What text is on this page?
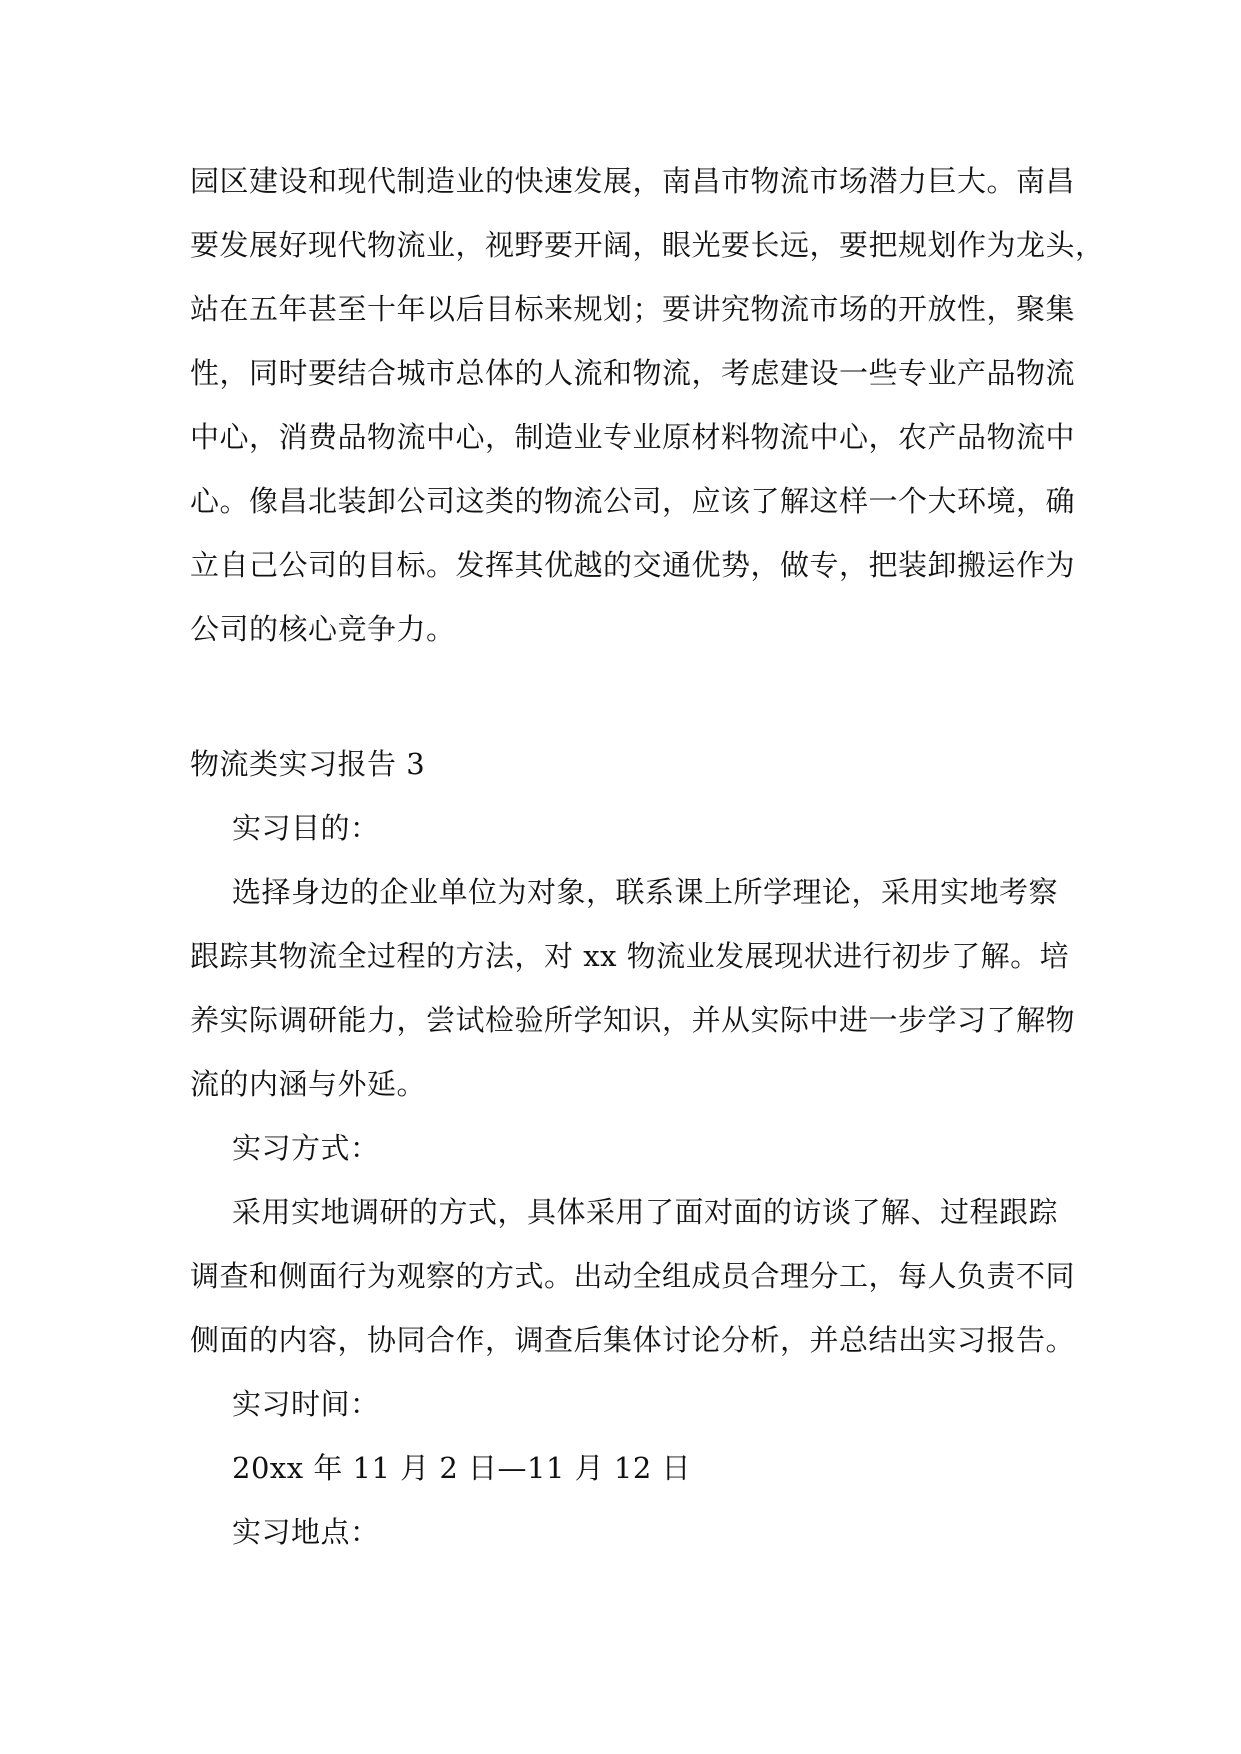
园区建设和现代制造业的快速发展，南昌市物流市场潜力巨大。南昌
要发展好现代物流业，视野要开阔，眼光要长远，要把规划作为龙头，
站在五年甚至十年以后目标来规划；要讲究物流市场的开放性，聚集
性，同时要结合城市总体的人流和物流，考虑建设一些专业产品物流
中心，消费品物流中心，制造业专业原材料物流中心，农产品物流中
心。像昌北装卸公司这类的物流公司，应该了解这样一个大环境，确
立自己公司的目标。发挥其优越的交通优势，做专，把装卸搬运作为
公司的核心竞争力。
物流类实习报告 3
实习目的：
选择身边的企业单位为对象，联系课上所学理论，采用实地考察
跟踪其物流全过程的方法，对 xx 物流业发展现状进行初步了解。培
养实际调研能力，尝试检验所学知识，并从实际中进一步学习了解物
流的内涵与外延。
实习方式：
采用实地调研的方式，具体采用了面对面的访谈了解、过程跟踪
调查和侧面行为观察的方式。出动全组成员合理分工，每人负责不同
侧面的内容，协同合作，调查后集体讨论分析，并总结出实习报告。
实习时间：
20xx 年 11 月 2 日—11 月 12 日
实习地点：
